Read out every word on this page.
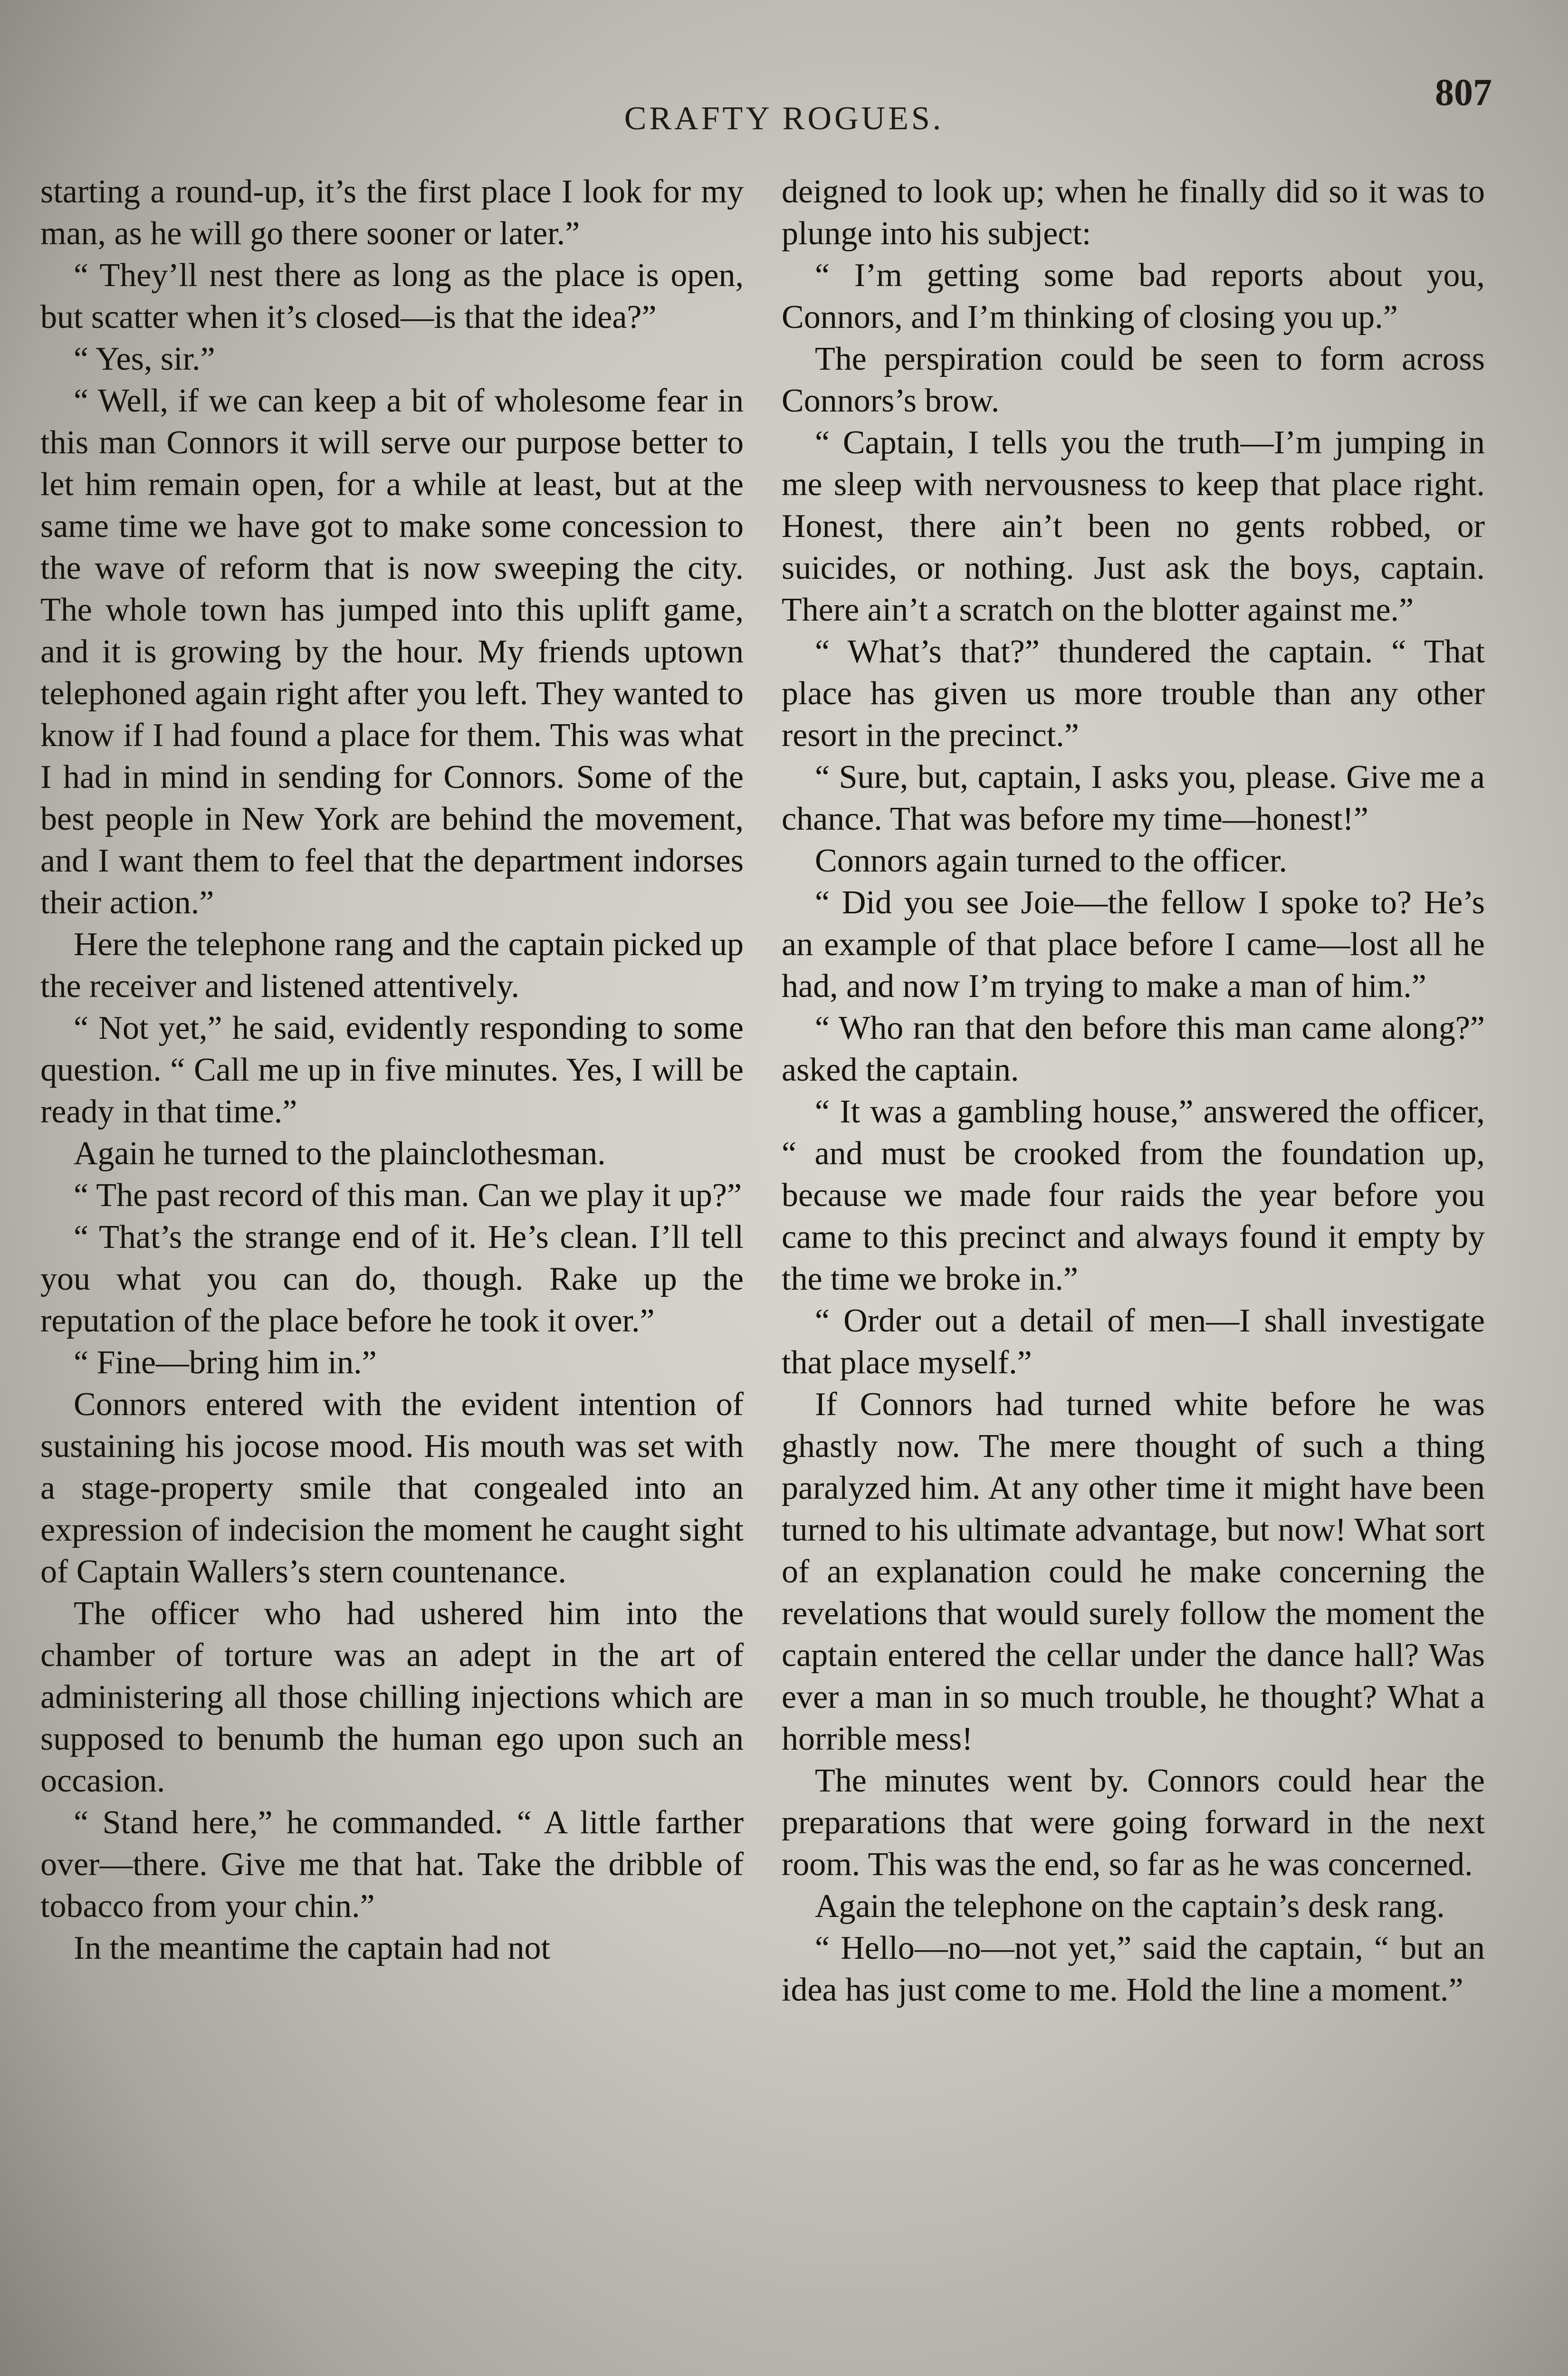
807
CRAFTY ROGUES.

starting a round-up, it’s the first place I look for my man, as he will go there sooner or later.”

“ They’ll nest there as long as the place is open, but scatter when it’s closed—is that the idea?”

“ Yes, sir.”

“ Well, if we can keep a bit of wholesome fear in this man Connors it will serve our purpose better to let him remain open, for a while at least, but at the same time we have got to make some concession to the wave of reform that is now sweeping the city. The whole town has jumped into this uplift game, and it is growing by the hour. My friends uptown telephoned again right after you left. They wanted to know if I had found a place for them. This was what I had in mind in sending for Connors. Some of the best people in New York are behind the movement, and I want them to feel that the department indorses their action.”

Here the telephone rang and the captain picked up the receiver and listened attentively.

“ Not yet,” he said, evidently responding to some question. “ Call me up in five minutes. Yes, I will be ready in that time.”

Again he turned to the plainclothesman.

“ The past record of this man. Can we play it up?”

“ That’s the strange end of it. He’s clean. I’ll tell you what you can do, though. Rake up the reputation of the place before he took it over.”

“ Fine—bring him in.”

Connors entered with the evident intention of sustaining his jocose mood. His mouth was set with a stage-property smile that congealed into an expression of indecision the moment he caught sight of Captain Wallers’s stern countenance.

The officer who had ushered him into the chamber of torture was an adept in the art of administering all those chilling injections which are supposed to benumb the human ego upon such an occasion.

“ Stand here,” he commanded. “ A little farther over—there. Give me that hat. Take the dribble of tobacco from your chin.”

In the meantime the captain had not

deigned to look up; when he finally did so it was to plunge into his subject:

“ I’m getting some bad reports about you, Connors, and I’m thinking of closing you up.”

The perspiration could be seen to form across Connors’s brow.

“ Captain, I tells you the truth—I’m jumping in me sleep with nervousness to keep that place right. Honest, there ain’t been no gents robbed, or suicides, or nothing. Just ask the boys, captain. There ain’t a scratch on the blotter against me.”

“ What’s that?” thundered the captain. “ That place has given us more trouble than any other resort in the precinct.”

“ Sure, but, captain, I asks you, please. Give me a chance. That was before my time—honest!”

Connors again turned to the officer.

“ Did you see Joie—the fellow I spoke to? He’s an example of that place before I came—lost all he had, and now I’m trying to make a man of him.”

“ Who ran that den before this man came along?” asked the captain.

“ It was a gambling house,” answered the officer, “ and must be crooked from the foundation up, because we made four raids the year before you came to this precinct and always found it empty by the time we broke in.”

“ Order out a detail of men—I shall investigate that place myself.”

If Connors had turned white before he was ghastly now. The mere thought of such a thing paralyzed him. At any other time it might have been turned to his ultimate advantage, but now! What sort of an explanation could he make concerning the revelations that would surely follow the moment the captain entered the cellar under the dance hall? Was ever a man in so much trouble, he thought? What a horrible mess!

The minutes went by. Connors could hear the preparations that were going forward in the next room. This was the end, so far as he was concerned.

Again the telephone on the captain’s desk rang.

“ Hello—no—not yet,” said the captain, “ but an idea has just come to me. Hold the line a moment.”
